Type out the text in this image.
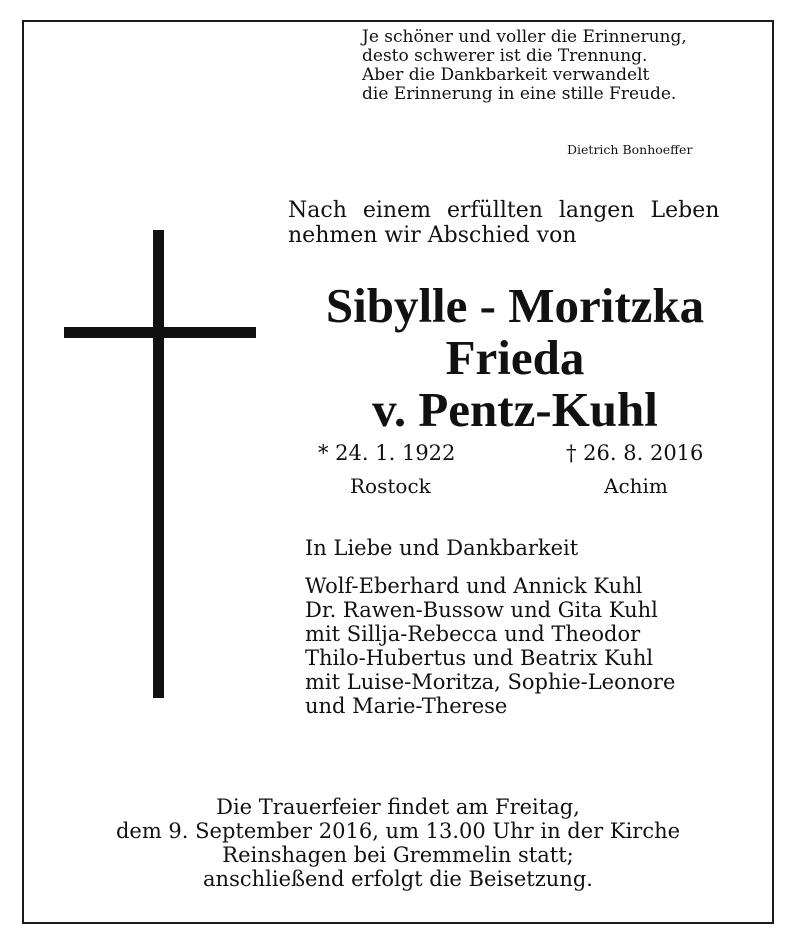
Je schöner und voller die Erinnerung,
desto schwerer ist die Trennung.
Aber die Dankbarkeit verwandelt
die Erinnerung in eine stille Freude.
Dietrich Bonhoeffer
Nach einem erfüllten langen Leben
nehmen wir Abschied von
Sibylle - Moritzka
Frieda
v. Pentz-Kuhl
* 24. 1. 1922	† 26. 8. 2016
Rostock	Achim
In Liebe und Dankbarkeit
Wolf-Eberhard und Annick Kuhl
Dr. Rawen-Bussow und Gita Kuhl
mit Sillja-Rebecca und Theodor
Thilo-Hubertus und Beatrix Kuhl
mit Luise-Moritza, Sophie-Leonore
und Marie-Therese
Die Trauerfeier findet am Freitag,
dem 9. September 2016, um 13.00 Uhr in der Kirche
Reinshagen bei Gremmelin statt;
anschließend erfolgt die Beisetzung.
